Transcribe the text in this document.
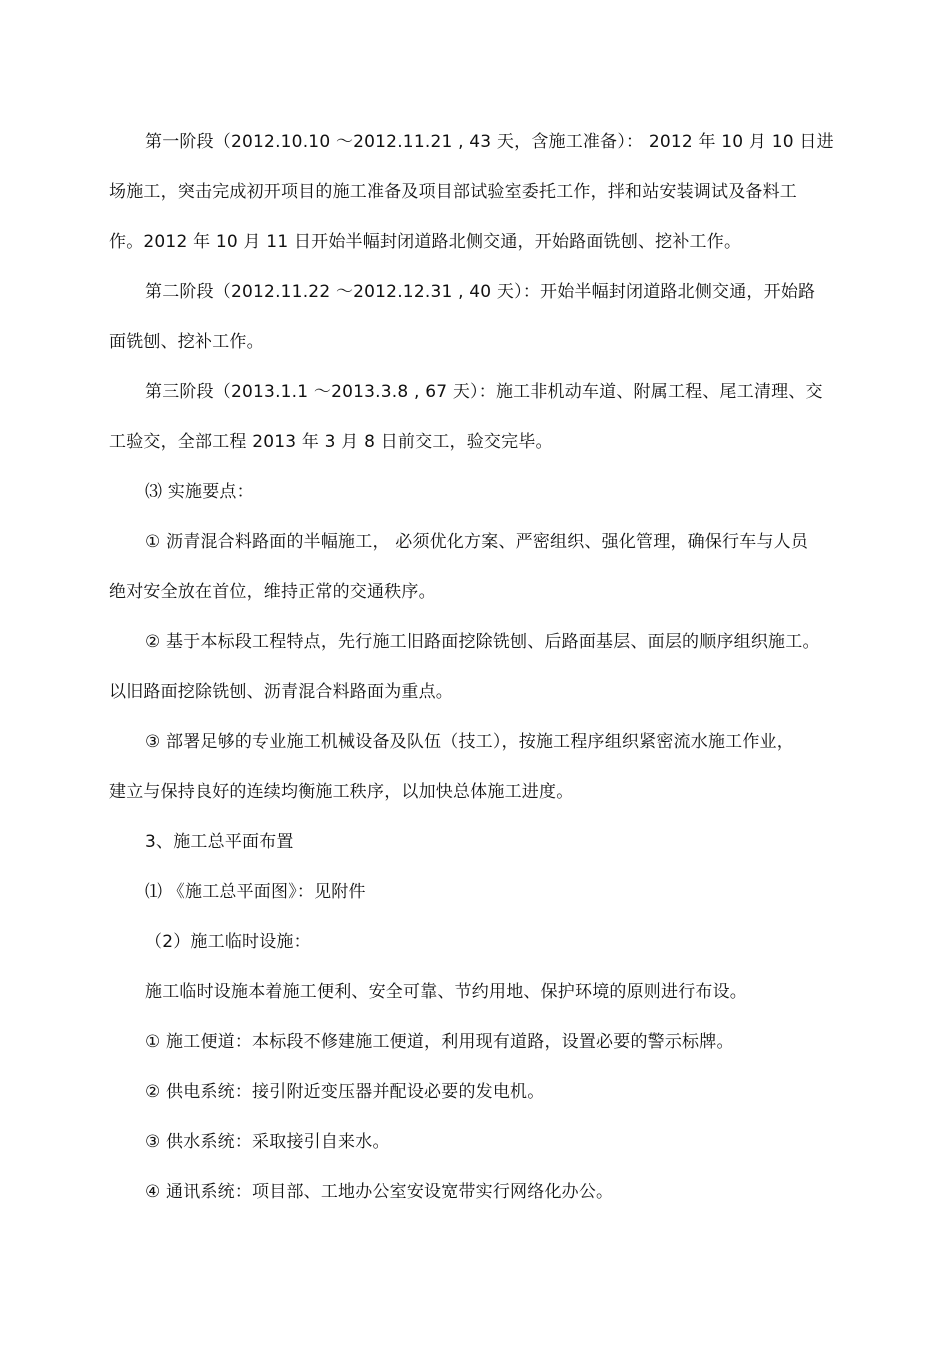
第一阶段（2012.10.10 ～2012.11.21 , 43 天，含施工准备）： 2012 年 10 月 10 日进
场施工，突击完成初开项目的施工准备及项目部试验室委托工作，拌和站安装调试及备料工
作。2012 年 10 月 11 日开始半幅封闭道路北侧交通，开始路面铣刨、挖补工作。
第二阶段（2012.11.22 ～2012.12.31 , 40 天）：开始半幅封闭道路北侧交通，开始路
面铣刨、挖补工作。
第三阶段（2013.1.1 ～2013.3.8 , 67 天）：施工非机动车道、附属工程、尾工清理、交
工验交，全部工程 2013 年 3 月 8 日前交工，验交完毕。
⑶ 实施要点：
① 沥青混合料路面的半幅施工， 必须优化方案、严密组织、强化管理，确保行车与人员
绝对安全放在首位，维持正常的交通秩序。
② 基于本标段工程特点，先行施工旧路面挖除铣刨、后路面基层、面层的顺序组织施工。
以旧路面挖除铣刨、沥青混合料路面为重点。
③ 部署足够的专业施工机械设备及队伍（技工），按施工程序组织紧密流水施工作业，
建立与保持良好的连续均衡施工秩序，以加快总体施工进度。
3、施工总平面布置
⑴ 《施工总平面图》：见附件
（2）施工临时设施：
施工临时设施本着施工便利、安全可靠、节约用地、保护环境的原则进行布设。
① 施工便道：本标段不修建施工便道，利用现有道路，设置必要的警示标牌。
② 供电系统：接引附近变压器并配设必要的发电机。
③ 供水系统：采取接引自来水。
④ 通讯系统：项目部、工地办公室安设宽带实行网络化办公。
